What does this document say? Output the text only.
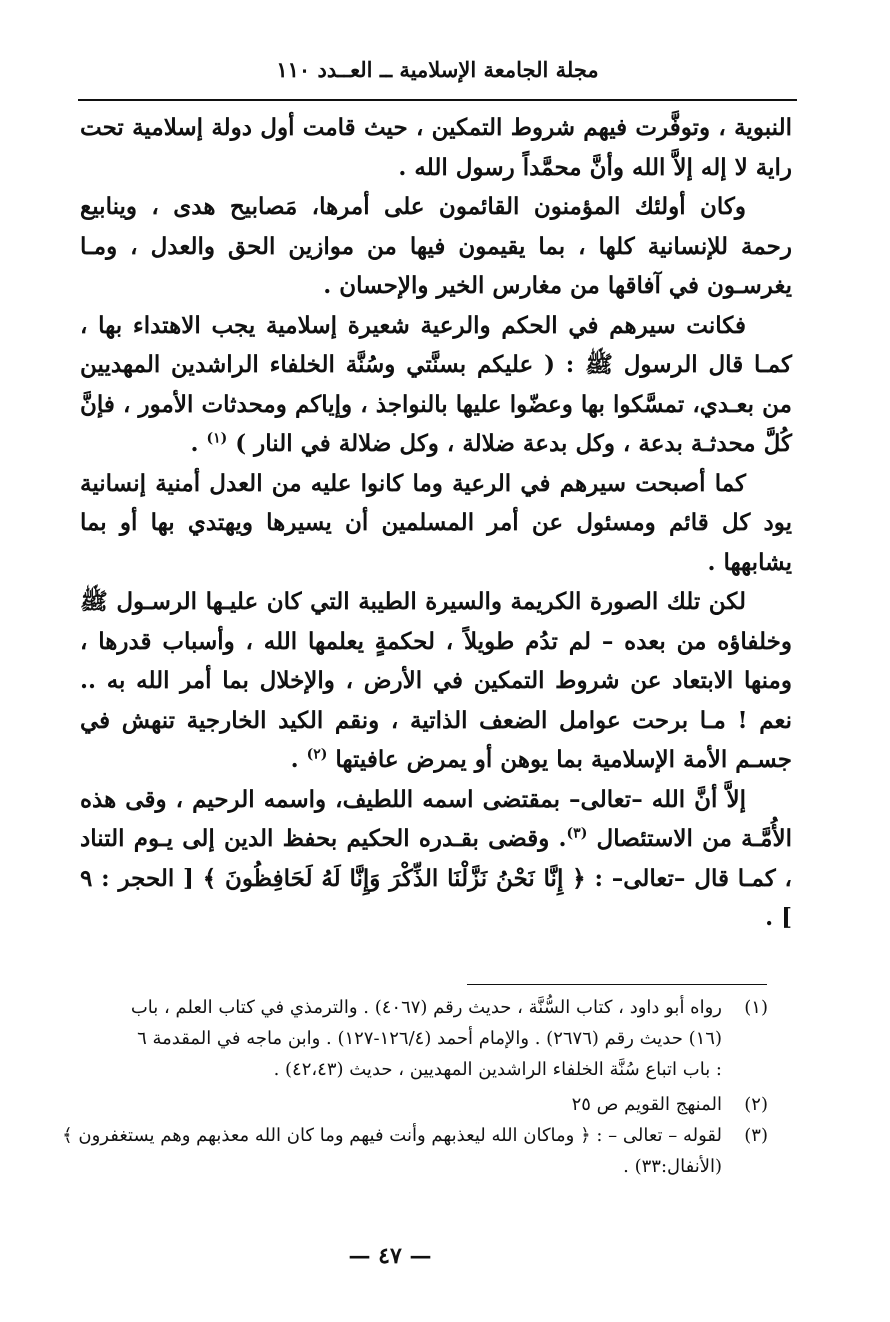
مجلة الجامعة الإسلامية ــ العــدد ١١٠

النبوية ، وتوفَّرت فيهم شروط التمكين ، حيث قامت أول دولة إسلامية تحت راية لا إله إلاَّ الله وأنَّ محمَّداً رسول الله .

وكان أولئك المؤمنون القائمون على أمرها، مَصابيح هدى ، وينابيع رحمة للإنسانية كلها ، بما يقيمون فيها من موازين الحق والعدل ، ومـا يغرسـون في آفاقها من مغارس الخير والإحسان .

فكانت سيرهم في الحكم والرعية شعيرة إسلامية يجب الاهتداء بها ، كمـا قال الرسول ﷺ : ( عليكم بسنَّتي وسُنَّة الخلفاء الراشدين المهديين من بعـدي، تمسَّكوا بها وعضّوا عليها بالنواجذ ، وإياكم ومحدثات الأمور ، فإنَّ كُلَّ محدثـة بدعة ، وكل بدعة ضلالة ، وكل ضلالة في النار ) $^{(١)}$ .

كما أصبحت سيرهم في الرعية وما كانوا عليه من العدل أمنية إنسانية يود كل قائم ومسئول عن أمر المسلمين أن يسيرها ويهتدي بها أو بما يشابهها .

لكن تلك الصورة الكريمة والسيرة الطيبة التي كان عليـها الرسـول ﷺ وخلفاؤه من بعده – لم تدُم طويلاً ، لحكمةٍ يعلمها الله ، وأسباب قدرها ، ومنها الابتعاد عن شروط التمكين في الأرض ، والإخلال بما أمر الله به .. نعم ! مـا برحت عوامل الضعف الذاتية ، ونقم الكيد الخارجية تنهش في جسـم الأمة الإسلامية بما يوهن أو يمرض عافيتها $^{(٢)}$ .

إلاَّ أنَّ الله –تعالى– بمقتضى اسمه اللطيف، واسمه الرحيم ، وقى هذه الأُمَّـة من الاستئصال $^{(٣)}$. وقضى بقـدره الحكيم بحفظ الدين إلى يـوم التناد ، كمـا قال –تعالى– : ﴿ إِنَّا نَحْنُ نَزَّلْنَا الذِّكْرَ وَإِنَّا لَهُ لَحَافِظُونَ ﴾ [ الحجر : ٩ ] .

(١)
رواه أبو داود ، كتاب السُّنَّة ، حديث رقم (٤٠٦٧) . والترمذي في كتاب العلم ، باب
(١٦) حديث رقم (٢٦٧٦) . والإمام أحمد (١٢٦/٤-١٢٧) . وابن ماجه في المقدمة ٦
: باب اتباع سُنَّة الخلفاء الراشدين المهديين ، حديث (٤٢،٤٣) .
(٢)
المنهج القويم ص ٢٥
(٣)
لقوله – تعالى – : ﴿ وماكان الله ليعذبهم وأنت فيهم وما كان الله معذبهم وهم يستغفرون ﴾
(الأنفال:٣٣) .
— ٤٧ —
